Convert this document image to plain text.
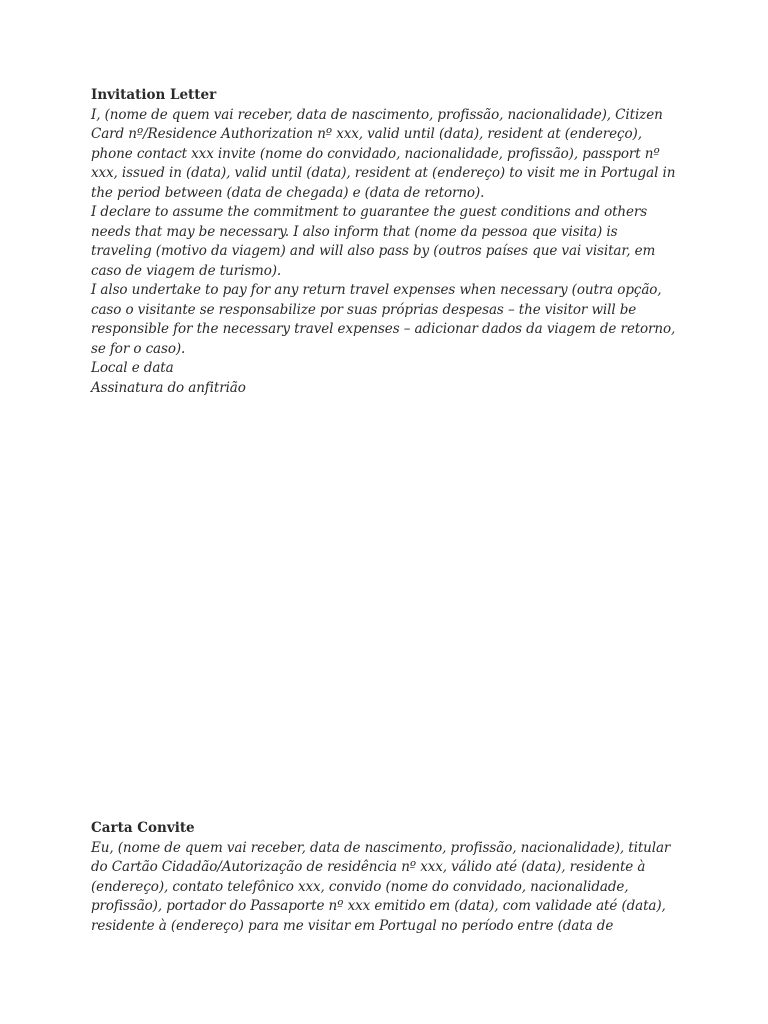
Invitation Letter

I, (nome de quem vai receber, data de nascimento, profissão, nacionalidade), Citizen Card nº/Residence Authorization nº xxx, valid until (data), resident at (endereço), phone contact xxx invite (nome do convidado, nacionalidade, profissão), passport nº xxx, issued in (data), valid until (data), resident at (endereço) to visit me in Portugal in the period between (data de chegada) e (data de retorno).

I declare to assume the commitment to guarantee the guest conditions and others needs that may be necessary. I also inform that (nome da pessoa que visita) is traveling (motivo da viagem) and will also pass by (outros países que vai visitar, em caso de viagem de turismo).

I also undertake to pay for any return travel expenses when necessary (outra opção, caso o visitante se responsabilize por suas próprias despesas – the visitor will be responsible for the necessary travel expenses – adicionar dados da viagem de retorno, se for o caso).

Local e data

Assinatura do anfitrião

Carta Convite

Eu, (nome de quem vai receber, data de nascimento, profissão, nacionalidade), titular do Cartão Cidadão/Autorização de residência nº xxx, válido até (data), residente à (endereço), contato telefônico xxx, convido (nome do convidado, nacionalidade, profissão), portador do Passaporte nº xxx emitido em (data), com validade até (data), residente à (endereço) para me visitar em Portugal no período entre (data de
